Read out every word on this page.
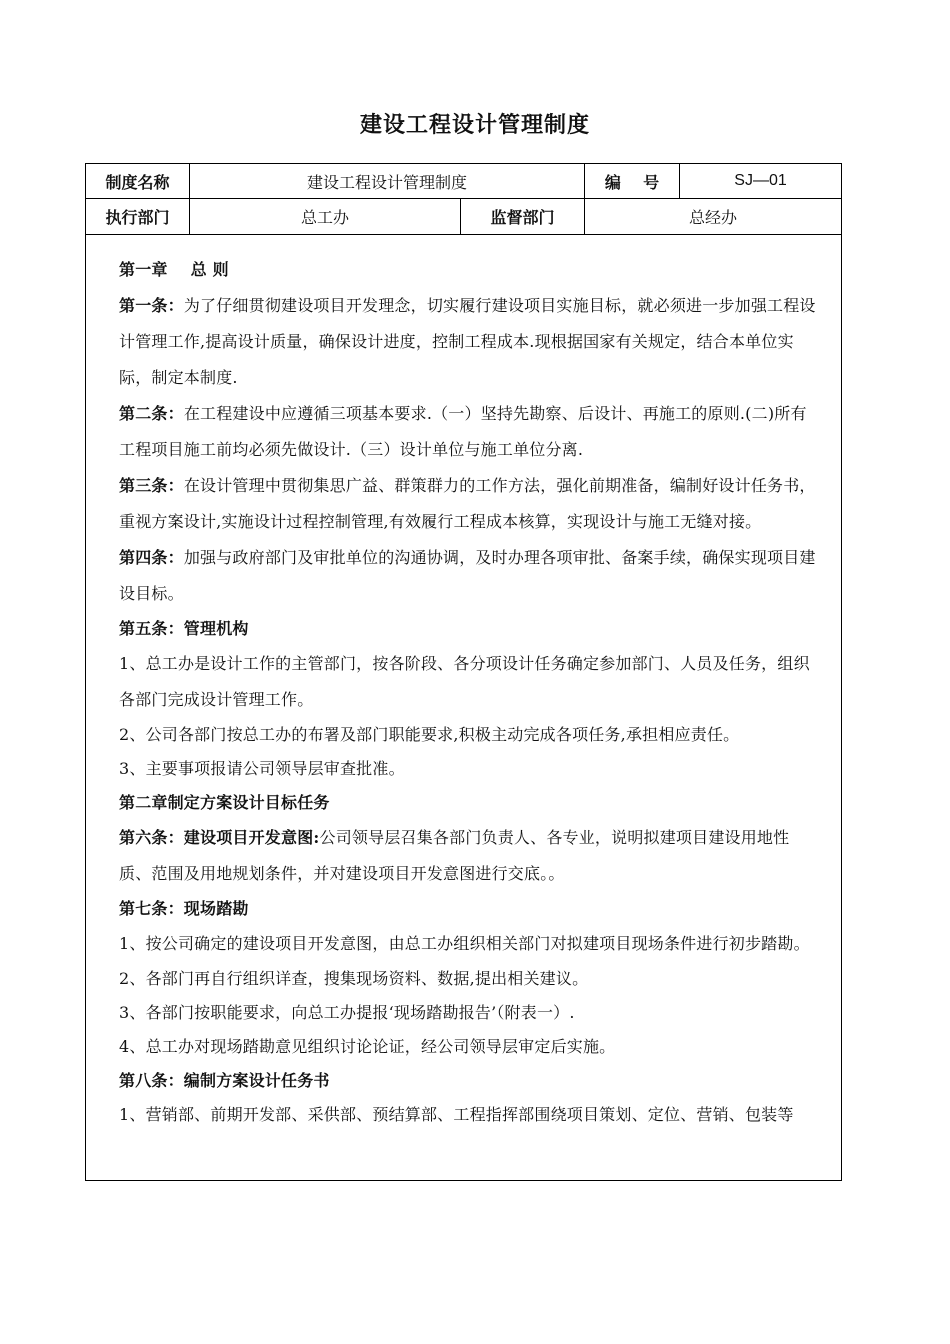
建设工程设计管理制度
制度名称	建设工程设计管理制度	编    号	SJ—01
执行部门	总工办	监督部门	总经办

第一章    总 则

第一条：为了仔细贯彻建设项目开发理念，切实履行建设项目实施目标，就必须进一步加强工程设计管理工作,提高设计质量，确保设计进度，控制工程成本.现根据国家有关规定，结合本单位实际，制定本制度.

第二条：在工程建设中应遵循三项基本要求.（一）坚持先勘察、后设计、再施工的原则.(二)所有工程项目施工前均必须先做设计.（三）设计单位与施工单位分离.

第三条：在设计管理中贯彻集思广益、群策群力的工作方法，强化前期准备，编制好设计任务书，重视方案设计,实施设计过程控制管理,有效履行工程成本核算，实现设计与施工无缝对接。

第四条：加强与政府部门及审批单位的沟通协调，及时办理各项审批、备案手续，确保实现项目建设目标。

第五条：管理机构

1、总工办是设计工作的主管部门，按各阶段、各分项设计任务确定参加部门、人员及任务，组织各部门完成设计管理工作。

2、公司各部门按总工办的布署及部门职能要求,积极主动完成各项任务,承担相应责任。

3、主要事项报请公司领导层审查批准。

第二章制定方案设计目标任务

第六条：建设项目开发意图:公司领导层召集各部门负责人、各专业，说明拟建项目建设用地性质、范围及用地规划条件，并对建设项目开发意图进行交底。。

第七条：现场踏勘

1、按公司确定的建设项目开发意图，由总工办组织相关部门对拟建项目现场条件进行初步踏勘。

2、各部门再自行组织详查，搜集现场资料、数据,提出相关建议。

3、各部门按职能要求，向总工办提报‘现场踏勘报告’（附表一）.

4、总工办对现场踏勘意见组织讨论论证，经公司领导层审定后实施。

第八条：编制方案设计任务书

1、营销部、前期开发部、采供部、预结算部、工程指挥部围绕项目策划、定位、营销、包装等
